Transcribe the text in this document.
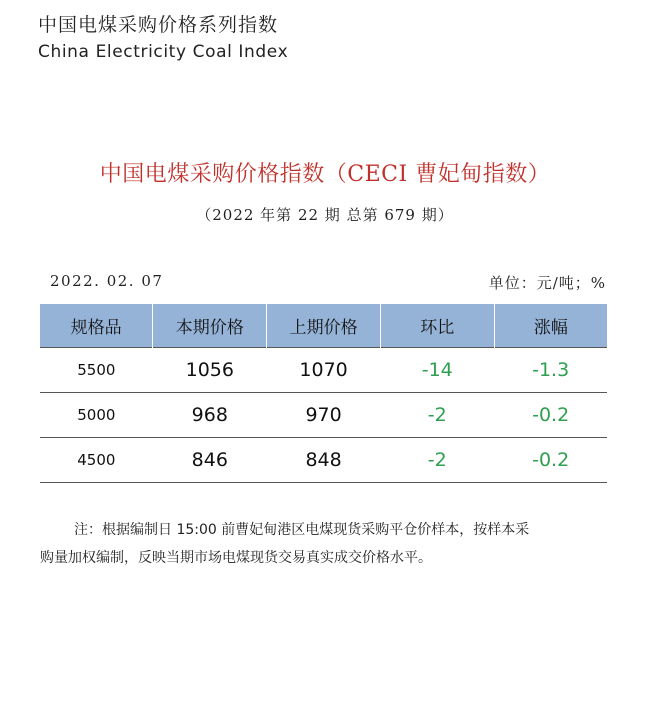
中国电煤采购价格系列指数
China Electricity Coal Index
中国电煤采购价格指数（CECI 曹妃甸指数）
（2022 年第 22 期 总第 679 期）
2022. 02. 07	单位：元/吨；%
规格品	本期价格	上期价格	环比	涨幅
5500	1056	1070	-14	-1.3
5000	968	970	-2	-0.2
4500	846	848	-2	-0.2
注：根据编制日 15:00 前曹妃甸港区电煤现货采购平仓价样本，按样本采
购量加权编制，反映当期市场电煤现货交易真实成交价格水平。
